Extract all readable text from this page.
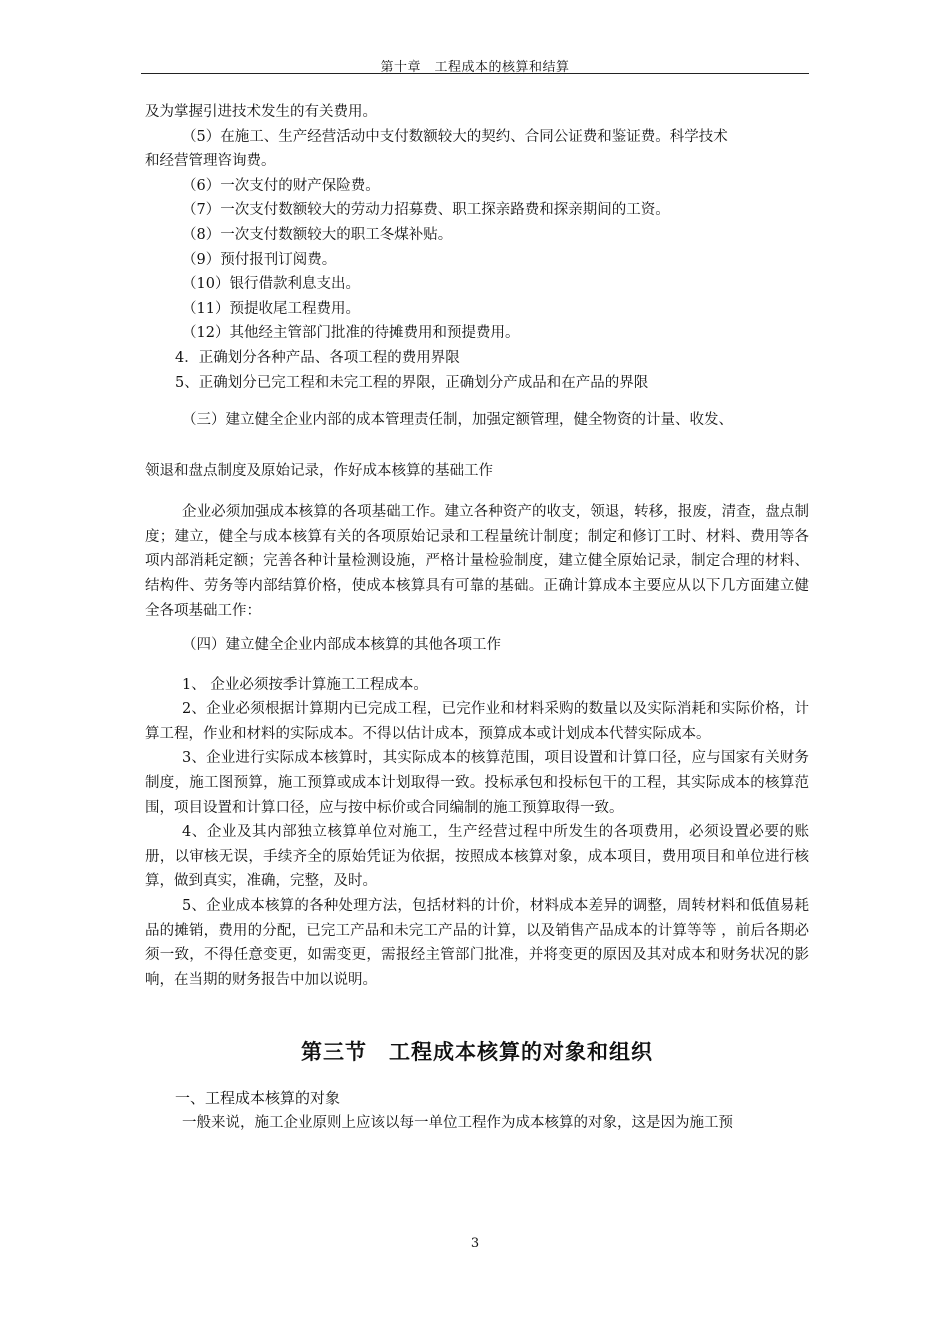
第十章　工程成本的核算和结算
及为掌握引进技术发生的有关费用。
（5）在施工、生产经营活动中支付数额较大的契约、合同公证费和鉴证费。科学技术
和经营管理咨询费。
（6）一次支付的财产保险费。
（7）一次支付数额较大的劳动力招募费、职工探亲路费和探亲期间的工资。
（8）一次支付数额较大的职工冬煤补贴。
（9）预付报刊订阅费。
（10）银行借款利息支出。
（11）预提收尾工程费用。
（12）其他经主管部门批准的待摊费用和预提费用。
4．正确划分各种产品、各项工程的费用界限
5、正确划分已完工程和未完工程的界限，正确划分产成品和在产品的界限
（三）建立健全企业内部的成本管理责任制，加强定额管理，健全物资的计量、收发、
领退和盘点制度及原始记录，作好成本核算的基础工作
企业必须加强成本核算的各项基础工作。建立各种资产的收支，领退，转移，报废，清查，盘点制度；建立，健全与成本核算有关的各项原始记录和工程量统计制度；制定和修订工时、材料、费用等各项内部消耗定额；完善各种计量检测设施，严格计量检验制度，建立健全原始记录，制定合理的材料、结构件、劳务等内部结算价格，使成本核算具有可靠的基础。正确计算成本主要应从以下几方面建立健全各项基础工作：
（四）建立健全企业内部成本核算的其他各项工作
1、 企业必须按季计算施工工程成本。
2、企业必须根据计算期内已完成工程，已完作业和材料采购的数量以及实际消耗和实际价格，计算工程，作业和材料的实际成本。不得以估计成本，预算成本或计划成本代替实际成本。
3、企业进行实际成本核算时，其实际成本的核算范围，项目设置和计算口径，应与国家有关财务制度，施工图预算，施工预算或成本计划取得一致。投标承包和投标包干的工程，其实际成本的核算范围，项目设置和计算口径，应与按中标价或合同编制的施工预算取得一致。
4、企业及其内部独立核算单位对施工，生产经营过程中所发生的各项费用，必须设置必要的账册，以审核无误，手续齐全的原始凭证为依据，按照成本核算对象，成本项目，费用项目和单位进行核算，做到真实，准确，完整，及时。
5、企业成本核算的各种处理方法，包括材料的计价，材料成本差异的调整，周转材料和低值易耗品的摊销，费用的分配，已完工产品和未完工产品的计算，以及销售产品成本的计算等等 ，前后各期必须一致，不得任意变更，如需变更，需报经主管部门批准，并将变更的原因及其对成本和财务状况的影响，在当期的财务报告中加以说明。
第三节　工程成本核算的对象和组织
一、工程成本核算的对象
一般来说，施工企业原则上应该以每一单位工程作为成本核算的对象，这是因为施工预
3
